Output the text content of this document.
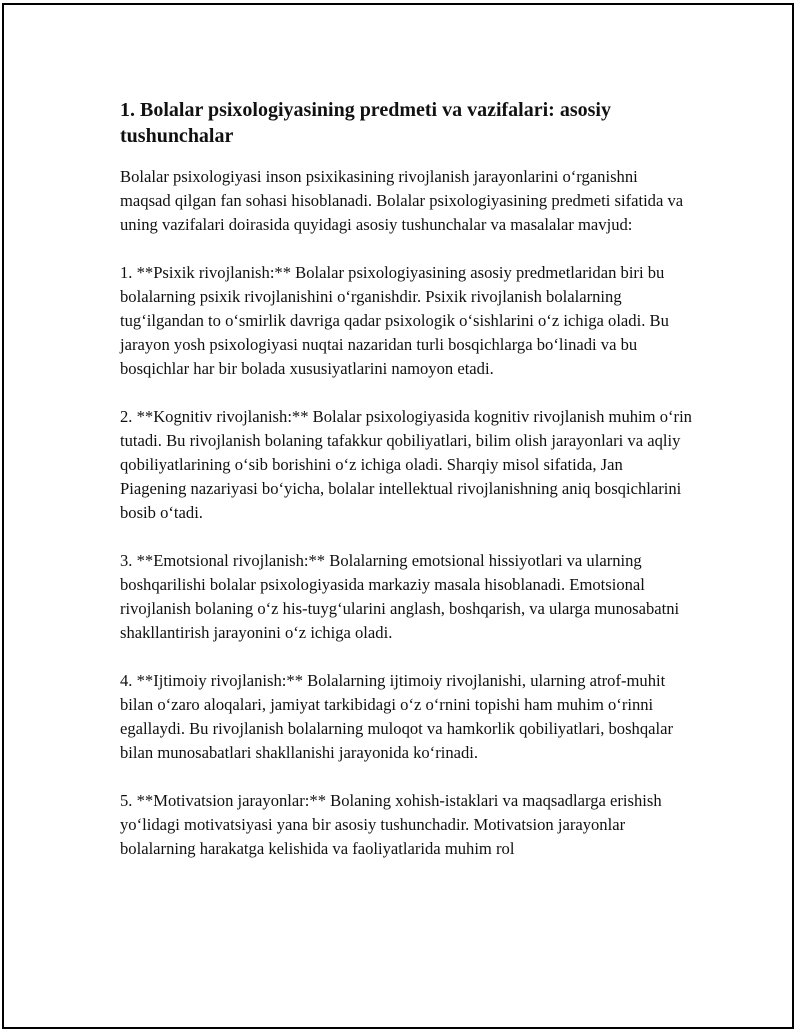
1. Bolalar psixologiyasining predmeti va vazifalari: asosiy tushunchalar

Bolalar psixologiyasi inson psixikasining rivojlanish jarayonlarini o‘rganishni maqsad qilgan fan sohasi hisoblanadi. Bolalar psixologiyasining predmeti sifatida va uning vazifalari doirasida quyidagi asosiy tushunchalar va masalalar mavjud:

1. **Psixik rivojlanish:** Bolalar psixologiyasining asosiy predmetlaridan biri bu bolalarning psixik rivojlanishini o‘rganishdir. Psixik rivojlanish bolalarning tug‘ilgandan to o‘smirlik davriga qadar psixologik o‘sishlarini o‘z ichiga oladi. Bu jarayon yosh psixologiyasi nuqtai nazaridan turli bosqichlarga bo‘linadi va bu bosqichlar har bir bolada xususiyatlarini namoyon etadi.

2. **Kognitiv rivojlanish:** Bolalar psixologiyasida kognitiv rivojlanish muhim o‘rin tutadi. Bu rivojlanish bolaning tafakkur qobiliyatlari, bilim olish jarayonlari va aqliy qobiliyatlarining o‘sib borishini o‘z ichiga oladi. Sharqiy misol sifatida, Jan Piagening nazariyasi bo‘yicha, bolalar intellektual rivojlanishning aniq bosqichlarini bosib o‘tadi.

3. **Emotsional rivojlanish:** Bolalarning emotsional hissiyotlari va ularning boshqarilishi bolalar psixologiyasida markaziy masala hisoblanadi. Emotsional rivojlanish bolaning o‘z his-tuyg‘ularini anglash, boshqarish, va ularga munosabatni shakllantirish jarayonini o‘z ichiga oladi.

4. **Ijtimoiy rivojlanish:** Bolalarning ijtimoiy rivojlanishi, ularning atrof-muhit bilan o‘zaro aloqalari, jamiyat tarkibidagi o‘z o‘rnini topishi ham muhim o‘rinni egallaydi. Bu rivojlanish bolalarning muloqot va hamkorlik qobiliyatlari, boshqalar bilan munosabatlari shakllanishi jarayonida ko‘rinadi.

5. **Motivatsion jarayonlar:** Bolaning xohish-istaklari va maqsadlarga erishish yo‘lidagi motivatsiyasi yana bir asosiy tushunchadir. Motivatsion jarayonlar bolalarning harakatga kelishida va faoliyatlarida muhim rol
